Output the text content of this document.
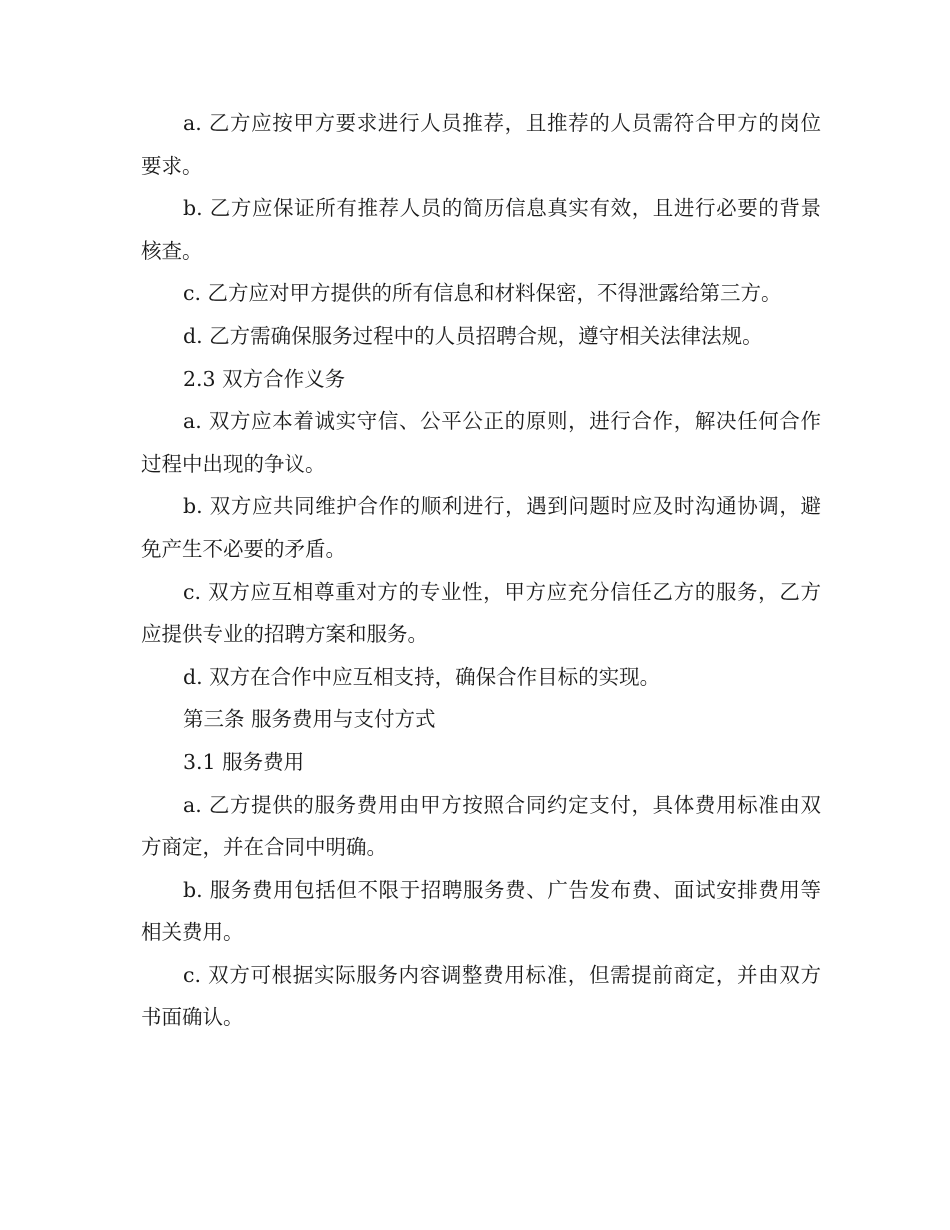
a. 乙方应按甲方要求进行人员推荐，且推荐的人员需符合甲方的岗位要求。

b. 乙方应保证所有推荐人员的简历信息真实有效，且进行必要的背景核查。

c. 乙方应对甲方提供的所有信息和材料保密，不得泄露给第三方。

d. 乙方需确保服务过程中的人员招聘合规，遵守相关法律法规。

2.3 双方合作义务

a. 双方应本着诚实守信、公平公正的原则，进行合作，解决任何合作过程中出现的争议。

b. 双方应共同维护合作的顺利进行，遇到问题时应及时沟通协调，避免产生不必要的矛盾。

c. 双方应互相尊重对方的专业性，甲方应充分信任乙方的服务，乙方应提供专业的招聘方案和服务。

d. 双方在合作中应互相支持，确保合作目标的实现。

第三条 服务费用与支付方式

3.1 服务费用

a. 乙方提供的服务费用由甲方按照合同约定支付，具体费用标准由双方商定，并在合同中明确。

b. 服务费用包括但不限于招聘服务费、广告发布费、面试安排费用等相关费用。

c. 双方可根据实际服务内容调整费用标准，但需提前商定，并由双方书面确认。
